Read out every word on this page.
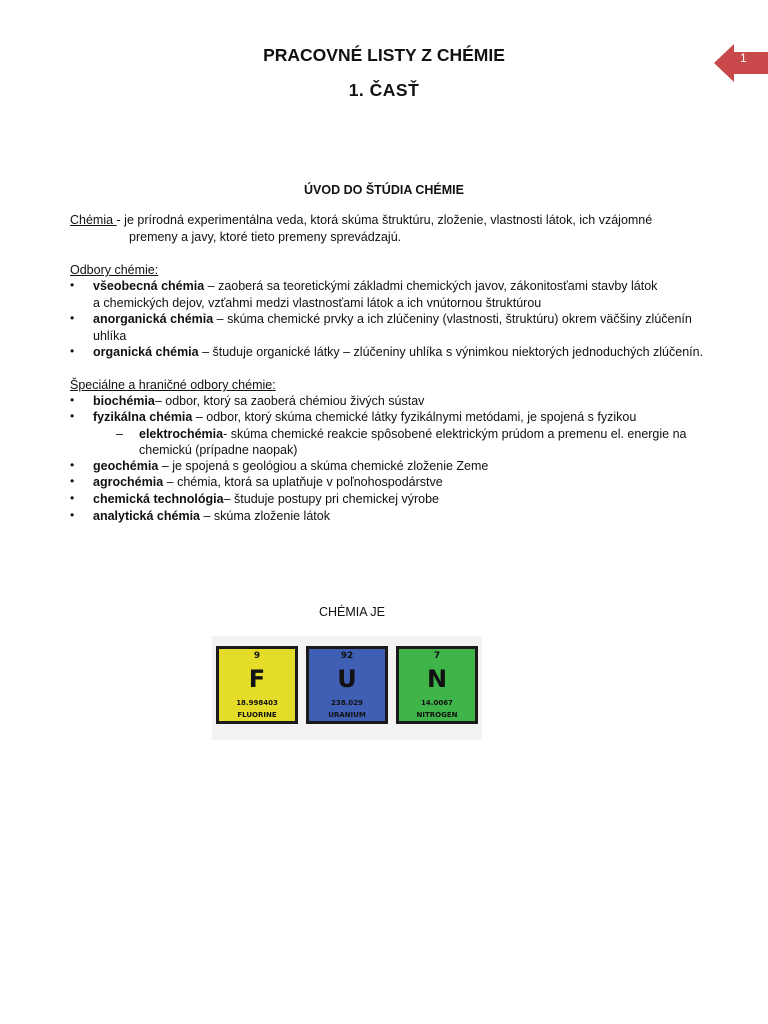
1
PRACOVNÉ LISTY Z CHÉMIE
1. ČASŤ
ÚVOD DO ŠTÚDIA CHÉMIE
Chémia - je prírodná experimentálna veda, ktorá skúma štruktúru, zloženie, vlastnosti látok, ich vzájomné
premeny a javy, ktoré tieto premeny sprevádzajú.
Odbory chémie:
• všeobecná chémia – zaoberá sa teoretickými základmi chemických javov, zákonitosťami stavby látok
a chemických dejov, vzťahmi medzi vlastnosťami látok a ich vnútornou štruktúrou
• anorganická chémia – skúma chemické prvky a ich zlúčeniny (vlastnosti, štruktúru) okrem väčšiny zlúčenín
uhlíka
• organická chémia – študuje organické látky – zlúčeniny uhlíka s výnimkou niektorých jednoduchých zlúčenín.
Špeciálne a hraničné odbory chémie:
• biochémia– odbor, ktorý sa zaoberá chémiou živých sústav
• fyzikálna chémia – odbor, ktorý skúma chemické látky fyzikálnymi metódami, je spojená s fyzikou
– elektrochémia- skúma chemické reakcie spôsobené elektrickým prúdom a premenu el. energie na
chemickú (prípadne naopak)
• geochémia – je spojená s geológiou a skúma chemické zloženie Zeme
• agrochémia – chémia, ktorá sa uplatňuje v poľnohospodárstve
• chemická technológia– študuje postupy pri chemickej výrobe
• analytická chémia – skúma zloženie látok
CHÉMIA JE
9
F
18.998403
FLUORINE
92
U
238.029
URANIUM
7
N
14.0067
NITROGEN
